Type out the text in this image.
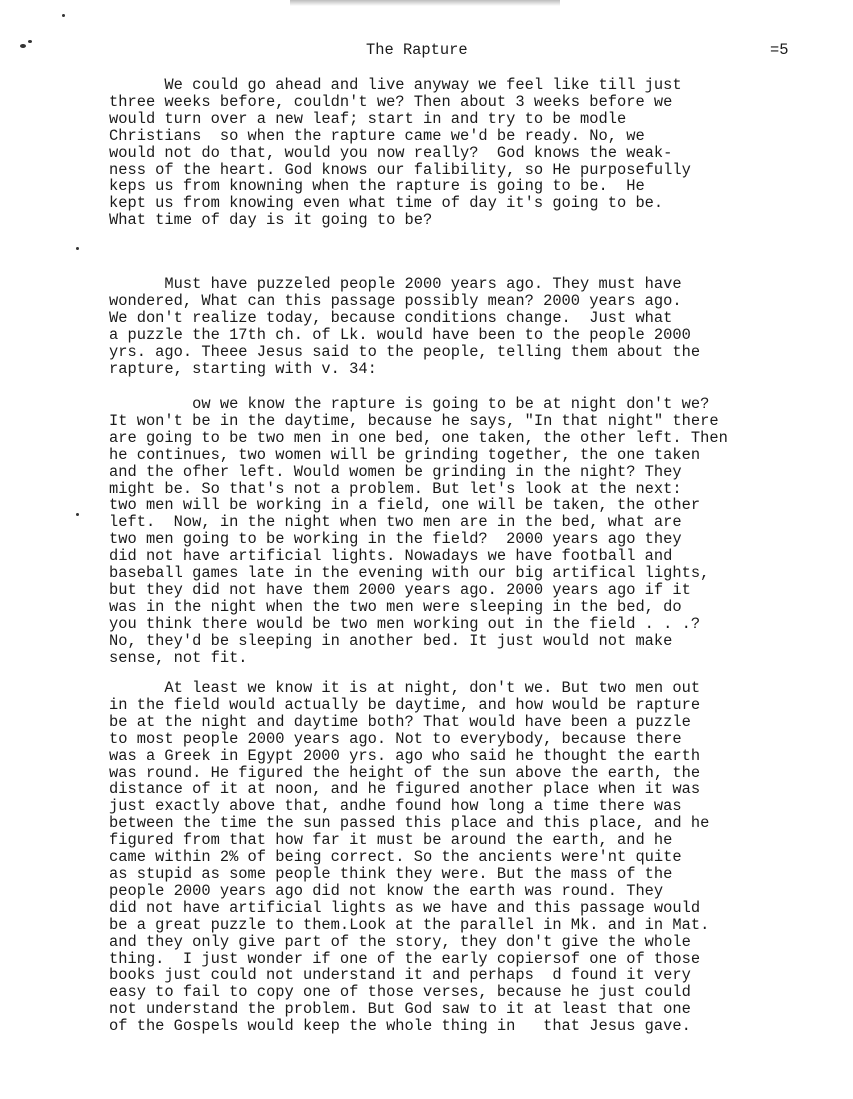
The Rapture	=5
We could go ahead and live anyway we feel like till just
three weeks before, couldn't we? Then about 3 weeks before we
would turn over a new leaf; start in and try to be modle
Christians  so when the rapture came we'd be ready. No, we
would not do that, would you now really?  God knows the weak-
ness of the heart. God knows our falibility, so He purposefully
keps us from knowning when the rapture is going to be.  He
kept us from knowing even what time of day it's going to be.
What time of day is it going to be?
Must have puzzeled people 2000 years ago. They must have
wondered, What can this passage possibly mean? 2000 years ago.
We don't realize today, because conditions change.  Just what
a puzzle the 17th ch. of Lk. would have been to the people 2000
yrs. ago. Theee Jesus said to the people, telling them about the
rapture, starting with v. 34:
ow we know the rapture is going to be at night don't we?
It won't be in the daytime, because he says, "In that night" there
are going to be two men in one bed, one taken, the other left. Then
he continues, two women will be grinding together, the one taken
and the ofher left. Would women be grinding in the night? They
might be. So that's not a problem. But let's look at the next:
two men will be working in a field, one will be taken, the other
left.  Now, in the night when two men are in the bed, what are
two men going to be working in the field?  2000 years ago they
did not have artificial lights. Nowadays we have football and
baseball games late in the evening with our big artifical lights,
but they did not have them 2000 years ago. 2000 years ago if it
was in the night when the two men were sleeping in the bed, do
you think there would be two men working out in the field . . .?
No, they'd be sleeping in another bed. It just would not make
sense, not fit.
At least we know it is at night, don't we. But two men out
in the field would actually be daytime, and how would be rapture
be at the night and daytime both? That would have been a puzzle
to most people 2000 years ago. Not to everybody, because there
was a Greek in Egypt 2000 yrs. ago who said he thought the earth
was round. He figured the height of the sun above the earth, the
distance of it at noon, and he figured another place when it was
just exactly above that, andhe found how long a time there was
between the time the sun passed this place and this place, and he
figured from that how far it must be around the earth, and he
came within 2% of being correct. So the ancients were'nt quite
as stupid as some people think they were. But the mass of the
people 2000 years ago did not know the earth was round. They
did not have artificial lights as we have and this passage would
be a great puzzle to them.Look at the parallel in Mk. and in Mat.
and they only give part of the story, they don't give the whole
thing.  I just wonder if one of the early copiersof one of those
books just could not understand it and perhaps  d found it very
easy to fail to copy one of those verses, because he just could
not understand the problem. But God saw to it at least that one
of the Gospels would keep the whole thing in   that Jesus gave.
